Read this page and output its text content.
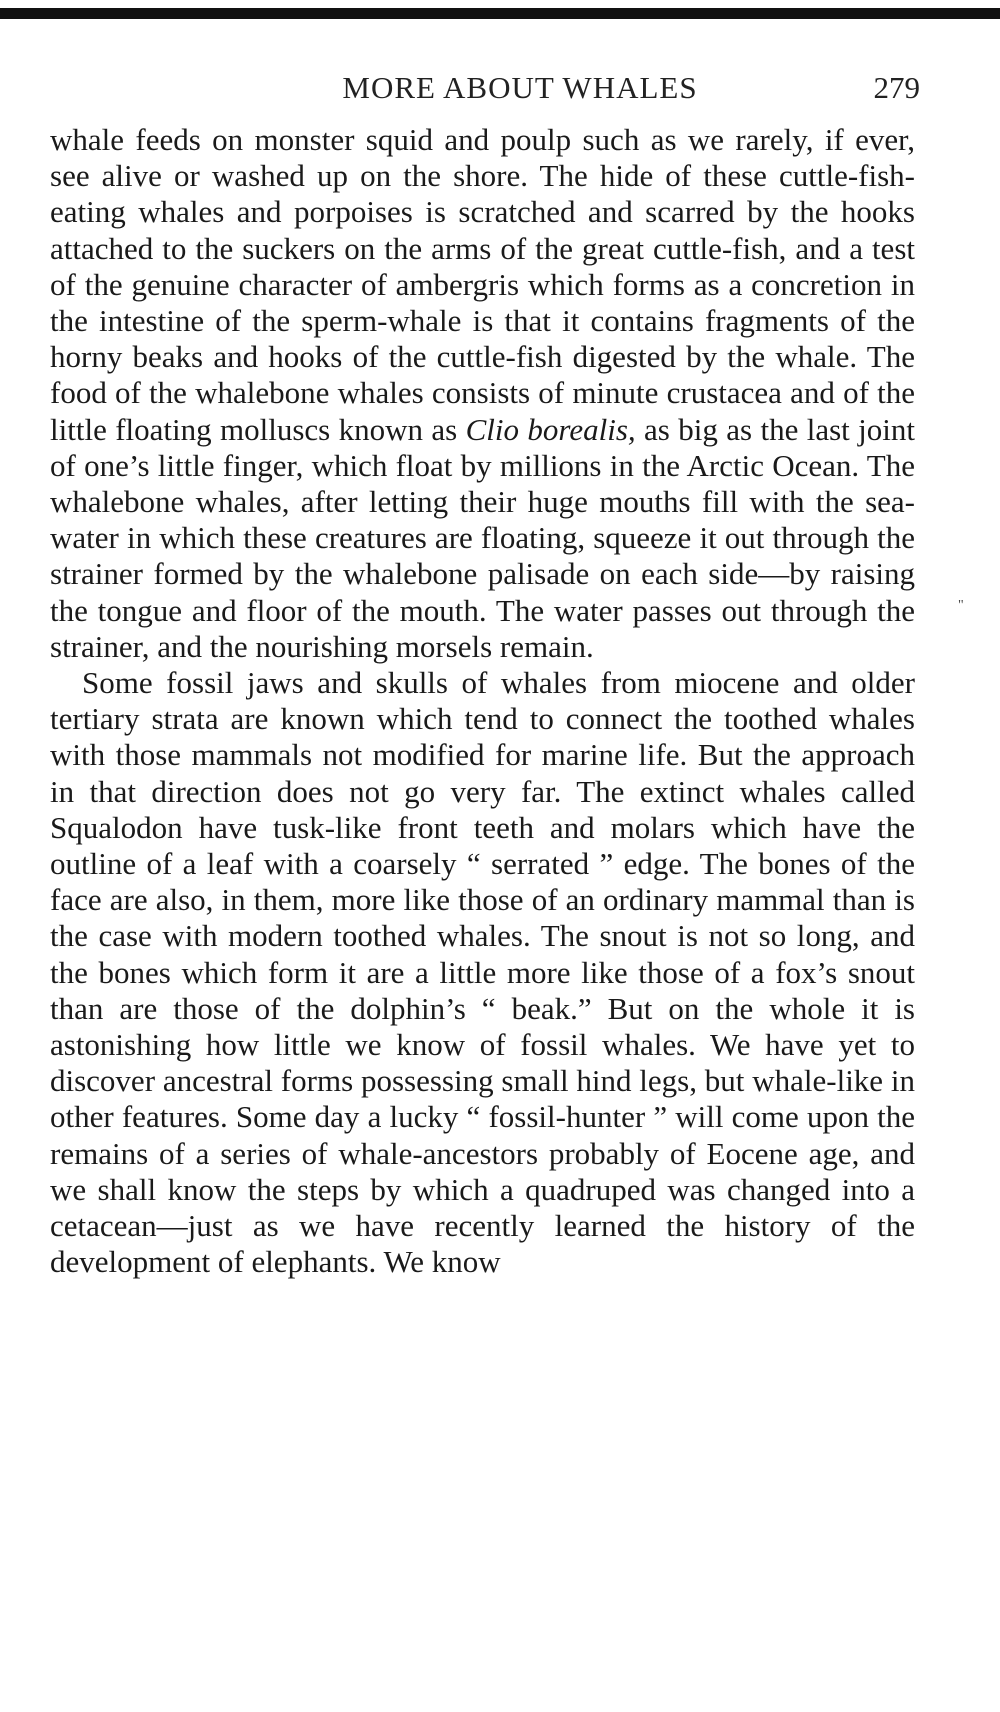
MORE ABOUT WHALES	279

whale feeds on monster squid and poulp such as we rarely, if ever, see alive or washed up on the shore. The hide of these cuttle-fish-eating whales and porpoises is scratched and scarred by the hooks attached to the suckers on the arms of the great cuttle-fish, and a test of the genuine character of ambergris which forms as a concretion in the intestine of the sperm-whale is that it contains fragments of the horny beaks and hooks of the cuttle-fish digested by the whale. The food of the whalebone whales consists of minute crustacea and of the little floating molluscs known as Clio borealis, as big as the last joint of one’s little finger, which float by millions in the Arctic Ocean. The whalebone whales, after letting their huge mouths fill with the sea-water in which these creatures are floating, squeeze it out through the strainer formed by the whalebone palisade on each side—by raising the tongue and floor of the mouth. The water passes out through the strainer, and the nourishing morsels remain.

Some fossil jaws and skulls of whales from miocene and older tertiary strata are known which tend to connect the toothed whales with those mammals not modified for marine life. But the approach in that direction does not go very far. The extinct whales called Squalodon have tusk-like front teeth and molars which have the outline of a leaf with a coarsely “ serrated ” edge. The bones of the face are also, in them, more like those of an ordinary mammal than is the case with modern toothed whales. The snout is not so long, and the bones which form it are a little more like those of a fox’s snout than are those of the dolphin’s “ beak.” But on the whole it is astonishing how little we know of fossil whales. We have yet to discover ancestral forms possessing small hind legs, but whale-like in other features. Some day a lucky “ fossil-hunter ” will come upon the remains of a series of whale-ancestors probably of Eocene age, and we shall know the steps by which a quadruped was changed into a cetacean—just as we have recently learned the history of the development of elephants. We know

"
